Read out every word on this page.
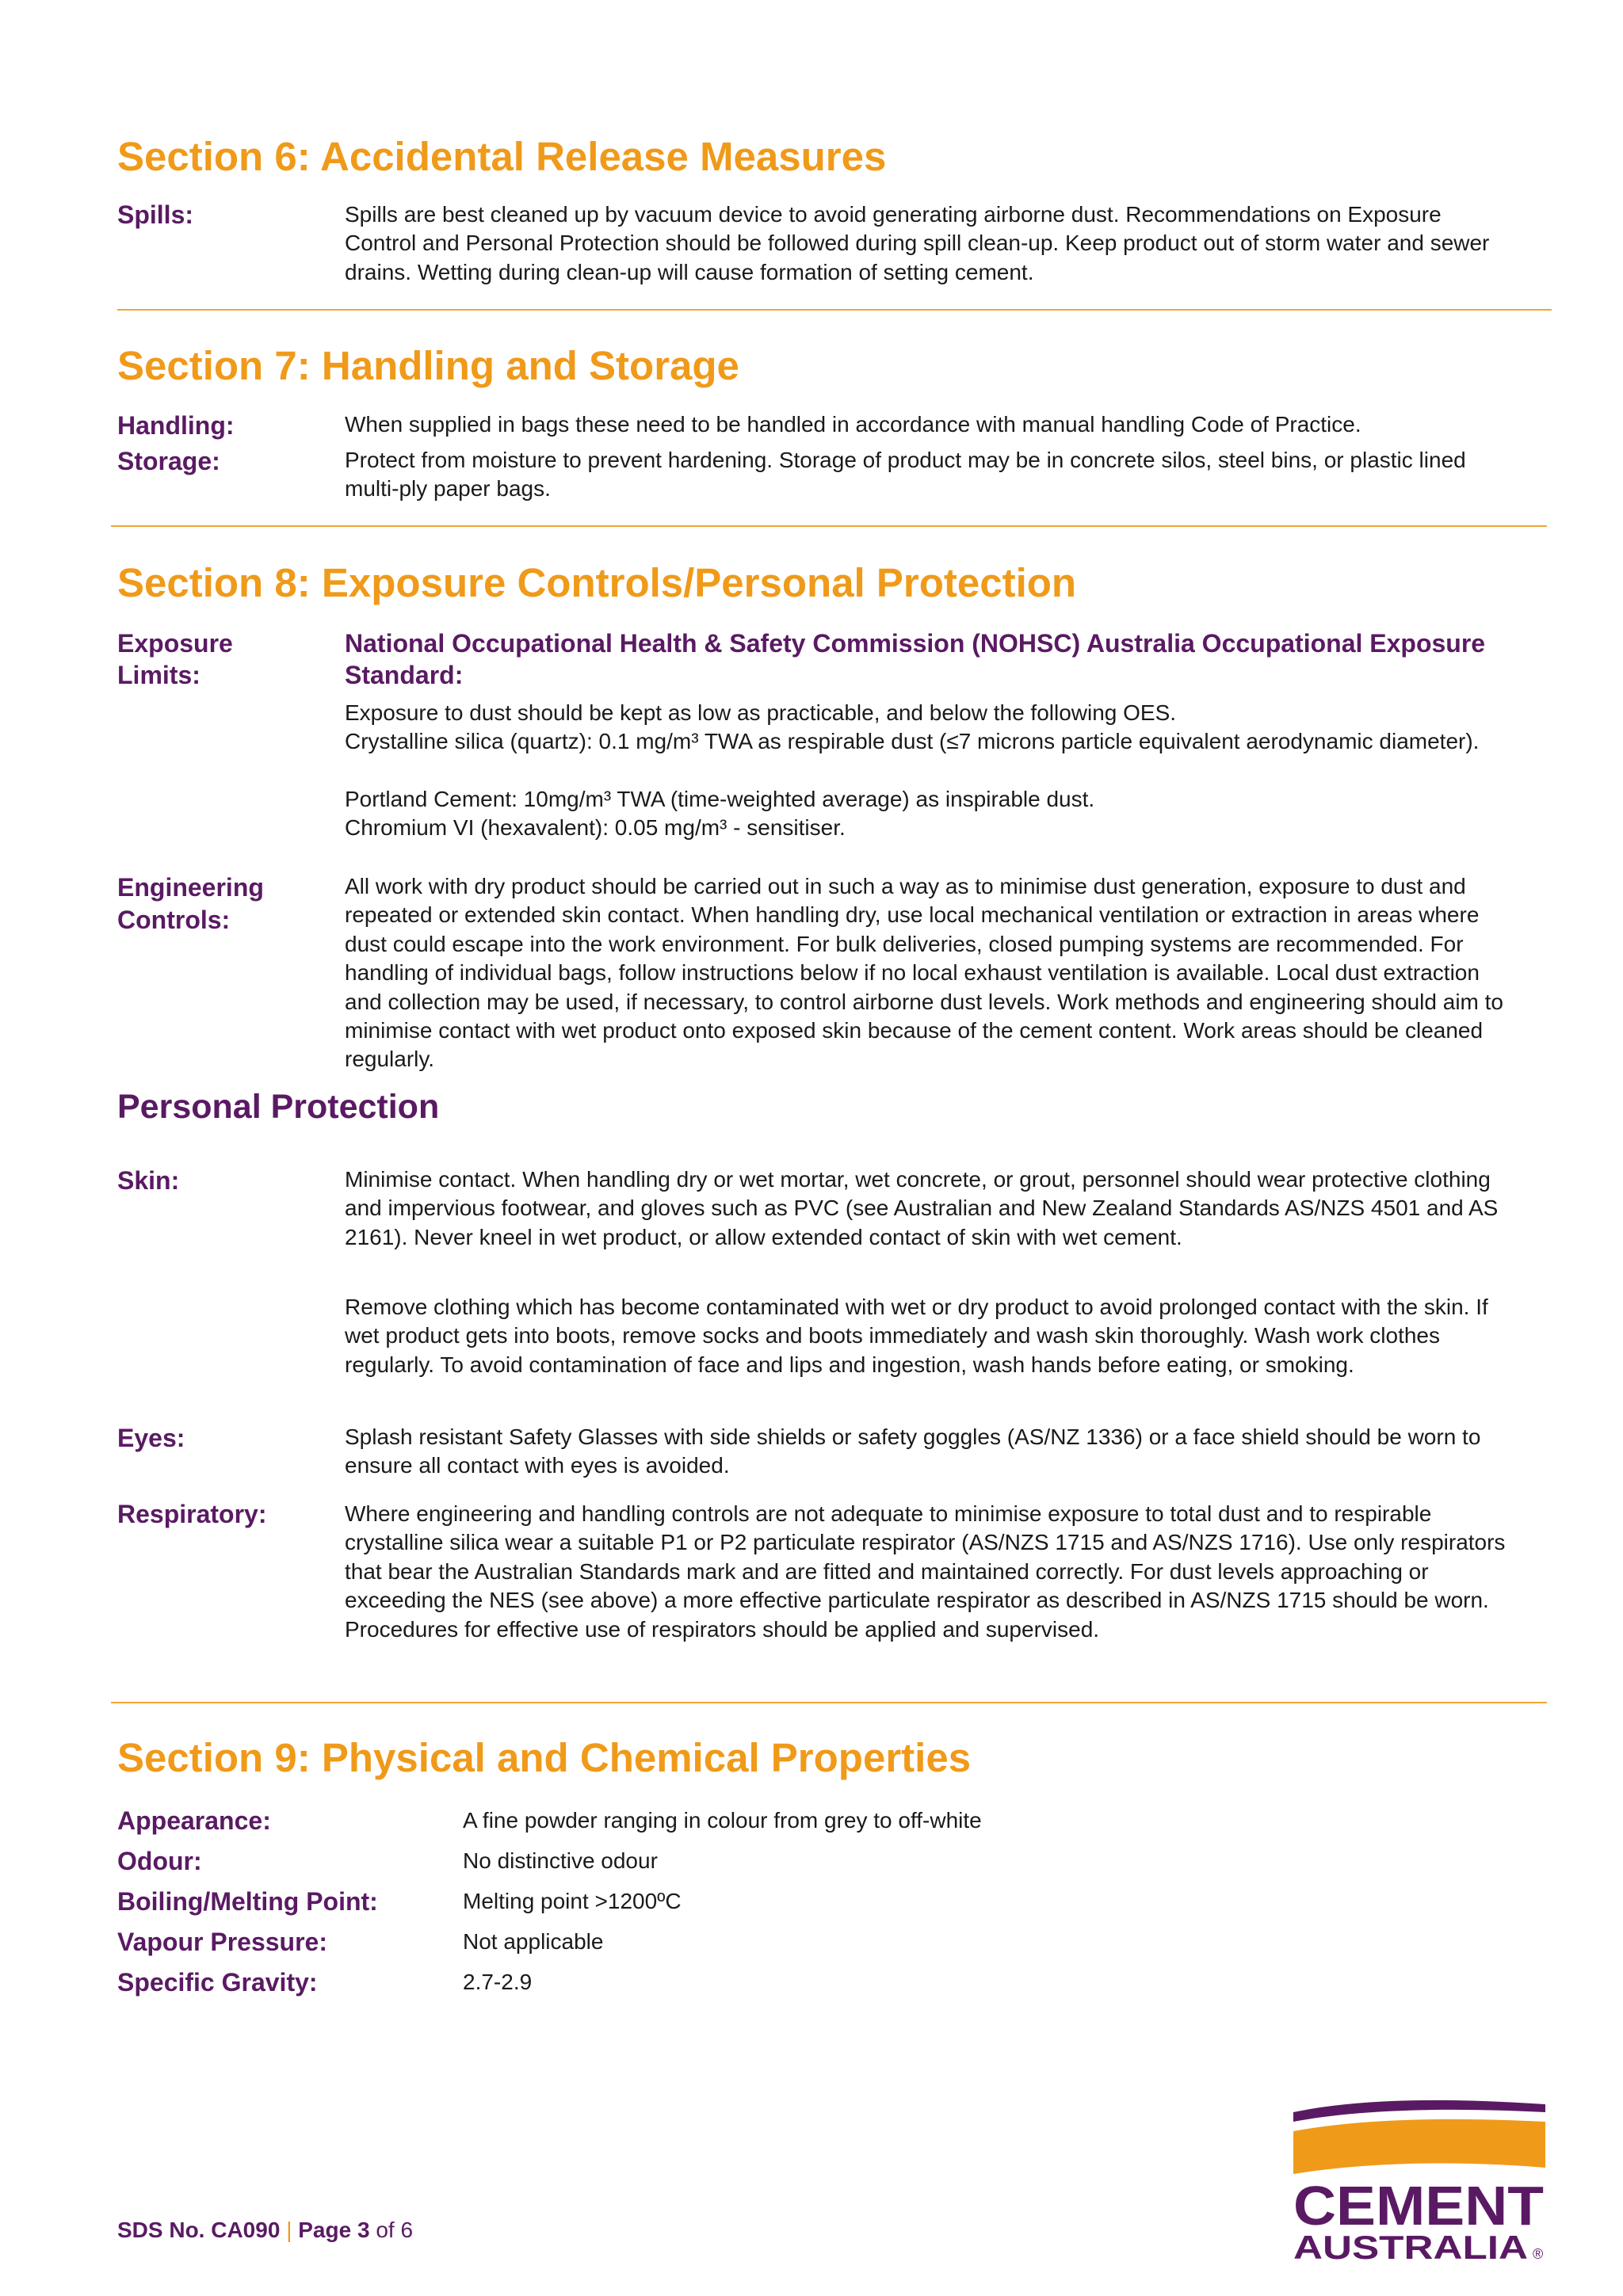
Section 6: Accidental Release Measures
Spills:	Spills are best cleaned up by vacuum device to avoid generating airborne dust. Recommendations on Exposure Control and Personal Protection should be followed during spill clean-up. Keep product out of storm water and sewer drains. Wetting during clean-up will cause formation of setting cement.
Section 7: Handling and Storage
Handling:	When supplied in bags these need to be handled in accordance with manual handling Code of Practice.
Storage:	Protect from moisture to prevent hardening. Storage of product may be in concrete silos, steel bins, or plastic lined multi-ply paper bags.
Section 8: Exposure Controls/Personal Protection
Exposure
Limits:
National Occupational Health & Safety Commission (NOHSC) Australia Occupational Exposure Standard:
Exposure to dust should be kept as low as practicable, and below the following OES.
Crystalline silica (quartz): 0.1 mg/m³ TWA as respirable dust (≤7 microns particle equivalent aerodynamic diameter).
Portland Cement: 10mg/m³ TWA (time-weighted average) as inspirable dust.
Chromium VI (hexavalent): 0.05 mg/m³ - sensitiser.
Engineering
Controls:
All work with dry product should be carried out in such a way as to minimise dust generation, exposure to dust and repeated or extended skin contact. When handling dry, use local mechanical ventilation or extraction in areas where dust could escape into the work environment. For bulk deliveries, closed pumping systems are recommended. For handling of individual bags, follow instructions below if no local exhaust ventilation is available. Local dust extraction and collection may be used, if necessary, to control airborne dust levels. Work methods and engineering should aim to minimise contact with wet product onto exposed skin because of the cement content. Work areas should be cleaned regularly.
Personal Protection
Skin:	Minimise contact. When handling dry or wet mortar, wet concrete, or grout, personnel should wear protective clothing and impervious footwear, and gloves such as PVC (see Australian and New Zealand Standards AS/NZS 4501 and AS 2161). Never kneel in wet product, or allow extended contact of skin with wet cement.
Remove clothing which has become contaminated with wet or dry product to avoid prolonged contact with the skin. If wet product gets into boots, remove socks and boots immediately and wash skin thoroughly. Wash work clothes regularly. To avoid contamination of face and lips and ingestion, wash hands before eating, or smoking.
Eyes:	Splash resistant Safety Glasses with side shields or safety goggles (AS/NZ 1336) or a face shield should be worn to ensure all contact with eyes is avoided.
Respiratory:	Where engineering and handling controls are not adequate to minimise exposure to total dust and to respirable crystalline silica wear a suitable P1 or P2 particulate respirator (AS/NZS 1715 and AS/NZS 1716). Use only respirators that bear the Australian Standards mark and are fitted and maintained correctly. For dust levels approaching or exceeding the NES (see above) a more effective particulate respirator as described in AS/NZS 1715 should be worn. Procedures for effective use of respirators should be applied and supervised.
Section 9: Physical and Chemical Properties
Appearance:	A fine powder ranging in colour from grey to off-white
Odour:	No distinctive odour
Boiling/Melting Point:	Melting point >1200ºC
Vapour Pressure:	Not applicable
Specific Gravity:	2.7-2.9
SDS No. CA090 | Page 3 of 6	CEMENT
AUSTRALIA ®
